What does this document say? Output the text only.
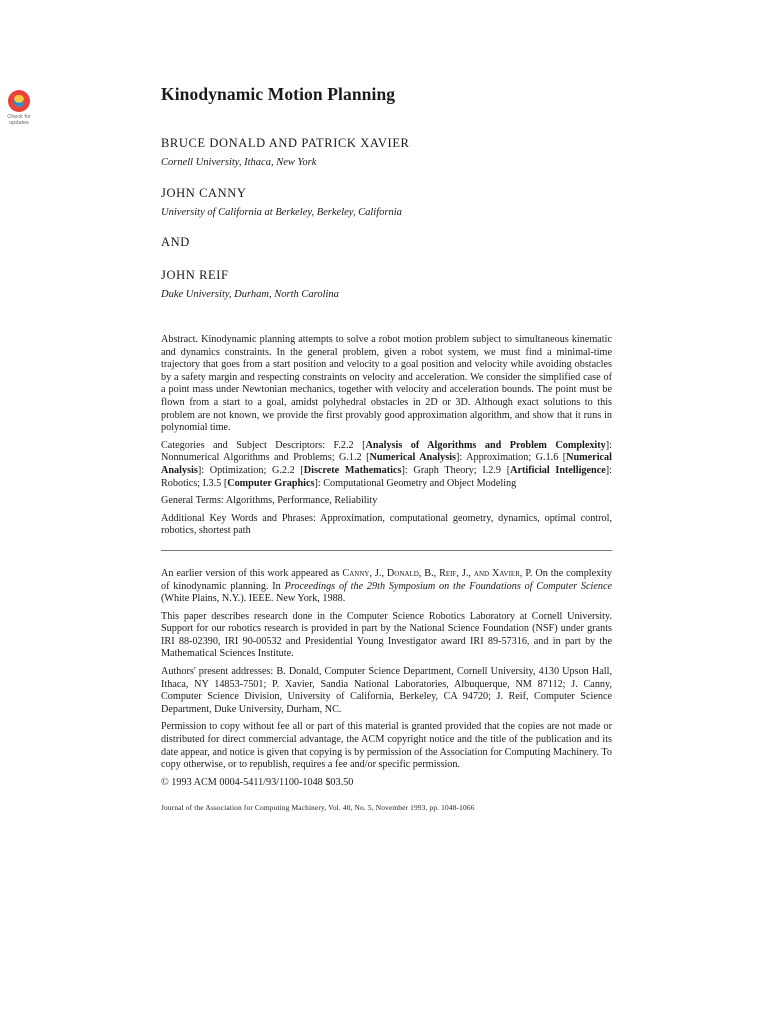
Check for
updates
Kinodynamic Motion Planning

BRUCE DONALD AND PATRICK XAVIER

Cornell University, Ithaca, New York

JOHN CANNY

University of California at Berkeley, Berkeley, California

AND

JOHN REIF

Duke University, Durham, North Carolina

Abstract. Kinodynamic planning attempts to solve a robot motion problem subject to simultaneous kinematic and dynamics constraints. In the general problem, given a robot system, we must find a minimal-time trajectory that goes from a start position and velocity to a goal position and velocity while avoiding obstacles by a safety margin and respecting constraints on velocity and acceleration. We consider the simplified case of a point mass under Newtonian mechanics, together with velocity and acceleration bounds. The point must be flown from a start to a goal, amidst polyhedral obstacles in 2D or 3D. Although exact solutions to this problem are not known, we provide the first provably good approximation algorithm, and show that it runs in polynomial time.

Categories and Subject Descriptors: F.2.2 [Analysis of Algorithms and Problem Complexity]: Nonnumerical Algorithms and Problems; G.1.2 [Numerical Analysis]: Approximation; G.1.6 [Numerical Analysis]: Optimization; G.2.2 [Discrete Mathematics]: Graph Theory; I.2.9 [Artificial Intelligence]: Robotics; I.3.5 [Computer Graphics]: Computational Geometry and Object Modeling

General Terms: Algorithms, Performance, Reliability

Additional Key Words and Phrases: Approximation, computational geometry, dynamics, optimal control, robotics, shortest path

An earlier version of this work appeared as Canny, J., Donald, B., Reif, J., and Xavier, P. On the complexity of kinodynamic planning. In Proceedings of the 29th Symposium on the Foundations of Computer Science (White Plains, N.Y.). IEEE. New York, 1988.

This paper describes research done in the Computer Science Robotics Laboratory at Cornell University. Support for our robotics research is provided in part by the National Science Foundation (NSF) under grants IRI 88-02390, IRI 90-00532 and Presidential Young Investigator award IRI 89-57316, and in part by the Mathematical Sciences Institute.

Authors' present addresses: B. Donald, Computer Science Department, Cornell University, 4130 Upson Hall, Ithaca, NY 14853-7501; P. Xavier, Sandia National Laboratories, Albuquerque, NM 87112; J. Canny, Computer Science Division, University of California, Berkeley, CA 94720; J. Reif, Computer Science Department, Duke University, Durham, NC.

Permission to copy without fee all or part of this material is granted provided that the copies are not made or distributed for direct commercial advantage, the ACM copyright notice and the title of the publication and its date appear, and notice is given that copying is by permission of the Association for Computing Machinery. To copy otherwise, or to republish, requires a fee and/or specific permission.

© 1993 ACM 0004-5411/93/1100-1048 $03.50

Journal of the Association for Computing Machinery, Vol. 40, No. 5, November 1993, pp. 1048-1066
